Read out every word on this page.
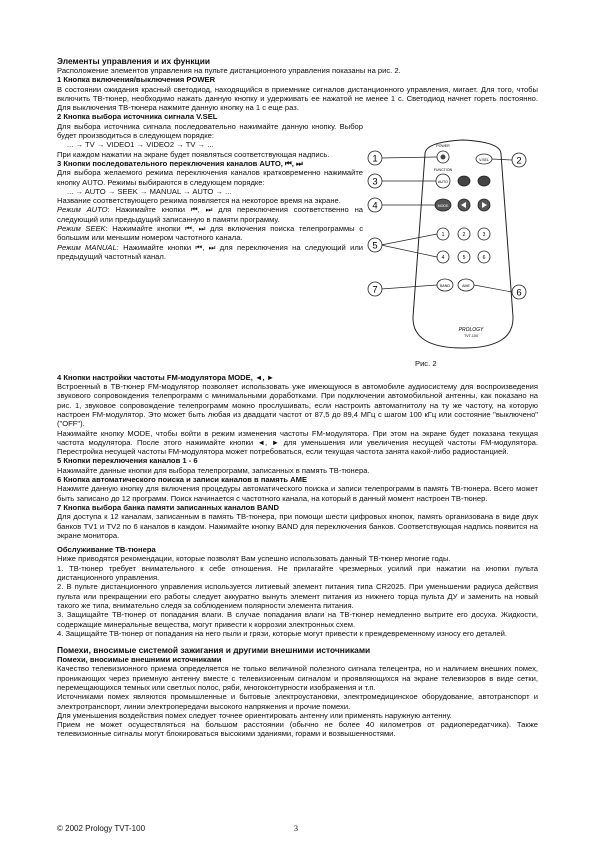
Элементы управления и их функции

Расположение элементов управления на пульте дистанционного управления показаны на рис. 2.

1 Кнопка включения/выключения POWER

В состоянии ожидания красный светодиод, находящийся в приемнике сигналов дистанционного управления, мигает. Для того, чтобы включить ТВ-тюнер, необходимо нажать данную кнопку и удерживать ее нажатой не менее 1 с. Светодиод начнет гореть постоянно. Для выключения ТВ-тюнера нажмите данную кнопку на 1 с еще раз.

2 Кнопка выбора источника сигнала V.SEL

Для выбора источника сигнала последовательно нажимайте данную кнопку. Выбор будет производиться в следующем порядке:

... → TV → VIDEO1 → VIDEO2 → TV → ...

При каждом нажатии на экране будет появляться соответствующая надпись.

3 Кнопки последовательного переключения каналов AUTO, ⏮, ⏭

Для выбора желаемого режима переключения каналов кратковременно нажимайте кнопку AUTO. Режимы выбираются в следующем порядке:

... → AUTO → SEEK → MANUAL → AUTO → ...

Название соответствующего режима появляется на некоторое время на экране.

Режим AUTO: Нажимайте кнопки ⏮, ⏭ для переключения соответственно на следующий или предыдущий записанную в памяти программу.

Режим SEEK: Нажимайте кнопки ⏮, ⏭ для включения поиска телепрограммы с большим или меньшим номером частотного канала.

Режим MANUAL: Нажимайте кнопки ⏮, ⏭ для переключения на следующий или предыдущий частотный канал.

POWER
V.SEL
FUNCTION
AUTO
MODE
1	2	3
4	5	6
BAND	AME
PROLOGY
TVT-100
1	2
3
4
5
6
7
Рис. 2

4 Кнопки настройки частоты FM-модулятора MODE, ◄, ►

Встроенный в ТВ-тюнер FM-модулятор позволяет использовать уже имеющуюся в автомобиле аудиосистему для воспроизведения звукового сопровождения телепрограмм с минимальными доработками. При подключении автомобильной антенны, как показано на рис. 1, звуковое сопровождение телепрограмм можно прослушивать, если настроить автомагнитолу на ту же частоту, на которую настроен FM-модулятор. Это может быть любая из двадцати частот от 87,5 до 89,4 МГц с шагом 100 кГц или состояние "выключено" ("OFF").

Нажимайте кнопку MODE, чтобы войти в режим изменения частоты FM-модулятора. При этом на экране будет показана текущая частота модулятора. После этого нажимайте кнопки ◄, ► для уменьшения или увеличения несущей частоты FM-модулятора. Перестройка несущей частоты FM-модулятора может потребоваться, если текущая частота занята какой-либо радиостанцией.

5 Кнопки переключения каналов 1 - 6

Нажимайте данные кнопки для выбора телепрограмм, записанных в память ТВ-тюнера.

6 Кнопка автоматического поиска и записи каналов в память AME

Нажмите данную кнопку для включения процедуры автоматического поиска и записи телепрограмм в память ТВ-тюнера. Всего может быть записано до 12 программ. Поиск начинается с частотного канала, на который в данный момент настроен ТВ-тюнер.

7 Кнопка выбора банка памяти записанных каналов BAND

Для доступа к 12 каналам, записанным в память ТВ-тюнера, при помощи шести цифровых кнопок, память организована в виде двух банков TV1 и TV2 по 6 каналов в каждом. Нажимайте кнопку BAND для переключения банков. Соответствующая надпись появится на экране монитора.

Обслуживание ТВ-тюнера

Ниже приводятся рекомендации, которые позволят Вам успешно использовать данный ТВ-тюнер многие годы.

1. ТВ-тюнер требует внимательного к себе отношения. Не прилагайте чрезмерных усилий при нажатии на кнопки пульта дистанционного управления.

2. В пульте дистанционного управления используется литиевый элемент питания типа CR2025. При уменьшении радиуса действия пульта или прекращении его работы следует аккуратно вынуть элемент питания из нижнего торца пульта ДУ и заменить на новый такого же типа, внимательно следя за соблюдением полярности элемента питания.

3. Защищайте ТВ-тюнер от попадания влаги. В случае попадания влаги на ТВ-тюнер немедленно вытрите его досуха. Жидкости, содержащие минеральные вещества, могут привести к коррозии электронных схем.

4. Защищайте ТВ-тюнер от попадания на него пыли и грязи, которые могут привести к преждевременному износу его деталей.

Помехи, вносимые системой зажигания и другими внешними источниками

Помехи, вносимые внешними источниками

Качество телевизионного приема определяется не только величиной полезного сигнала телецентра, но и наличием внешних помех, проникающих через приемную антенну вместе с телевизионным сигналом и проявляющихся на экране телевизоров в виде сетки, перемещающихся темных или светлых полос, ряби, многоконтурности изображения и т.п.

Источниками помех являются промышленные и бытовые электроустановки, электромедицинское оборудование, автотранспорт и электротранспорт, линии электропередачи высокого напряжения и прочие помехи.

Для уменьшения воздействия помех следует точнее ориентировать антенну или применять наружную антенну.

Прием не может осуществляться на большом расстоянии (обычно не более 40 километров от радиопередатчика). Также телевизионные сигналы могут блокироваться высокими зданиями, горами и возвышенностями.

© 2002 Prology TVT-100	3
